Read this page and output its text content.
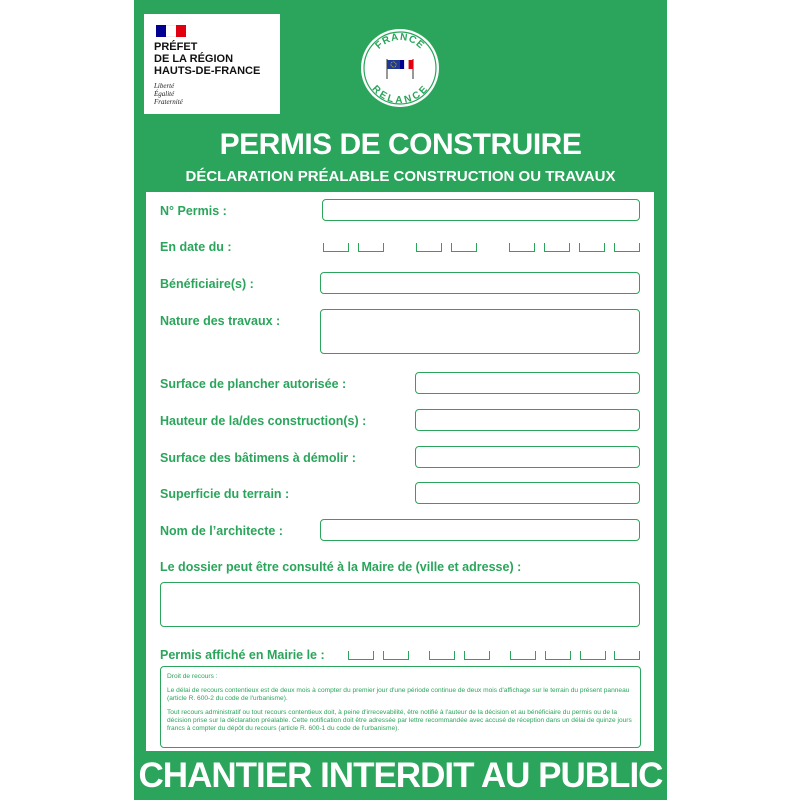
PRÉFET
DE LA RÉGION
HAUTS-DE-FRANCE
Liberté
Égalité
Fraternité
FRANCE
RELANCE
PERMIS DE CONSTRUIRE
DÉCLARATION PRÉALABLE CONSTRUCTION OU TRAVAUX
N° Permis :
En date du :
Bénéficiaire(s) :
Nature des travaux :
Surface de plancher autorisée :
Hauteur de la/des construction(s) :
Surface des bâtimens à démolir :
Superficie du terrain :
Nom de l’architecte :
Le dossier peut être consulté à la Maire de (ville et adresse) :
Permis affiché en Mairie le :

Droit de recours :

Le délai de recours contentieux est de deux mois à compter du premier jour d'une période continue de deux mois d'affichage sur le terrain du présent panneau (article R. 600-2 du code de l'urbanisme).

Tout recours administratif ou tout recours contentieux doit, à peine d'irrecevabilité, être notifié à l'auteur de la décision et au bénéficiaire du permis ou de la décision prise sur la déclaration préalable. Cette notification doit être adressée par lettre recommandée avec accusé de réception dans un délai de quinze jours francs à compter du dépôt du recours (article R. 600-1 du code de l'urbanisme).

CHANTIER INTERDIT AU PUBLIC
